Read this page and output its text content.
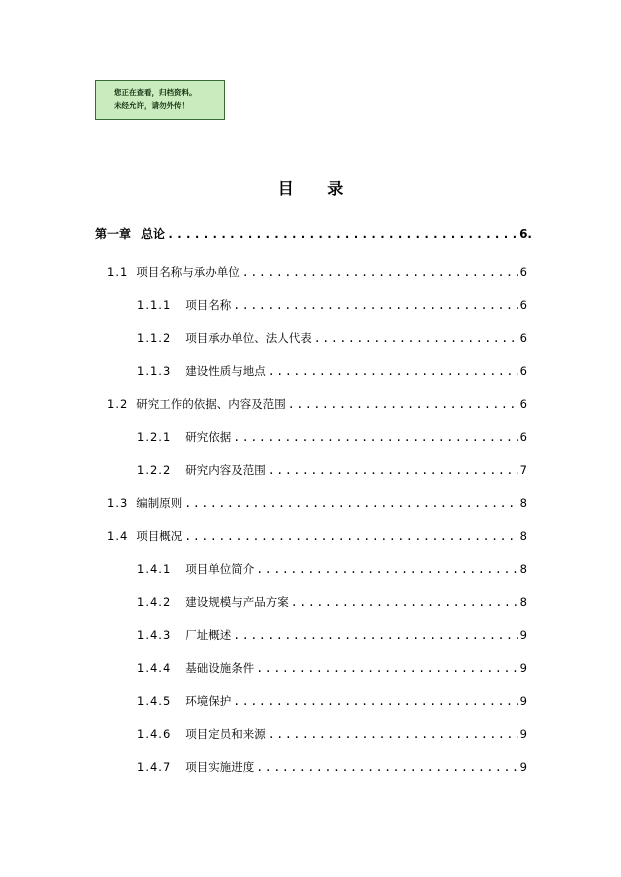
您正在查看，归档资料。
未经允许，请勿外传！
目 录
第一章 总论 .....	6.
1.1 项目名称与承办单位 .....	6
1.1.1 项目名称 .....	6
1.1.2 项目承办单位、法人代表 .....	6
1.1.3 建设性质与地点 .....	6
1.2 研究工作的依据、内容及范围 .....	6
1.2.1 研究依据 .....	6
1.2.2 研究内容及范围 .....	7
1.3 编制原则 .....	8
1.4 项目概况 .....	8
1.4.1 项目单位简介 .....	8
1.4.2 建设规模与产品方案 .....	8
1.4.3 厂址概述 .....	9
1.4.4 基础设施条件 .....	9
1.4.5 环境保护 .....	9
1.4.6 项目定员和来源 .....	9
1.4.7 项目实施进度 .....	9
